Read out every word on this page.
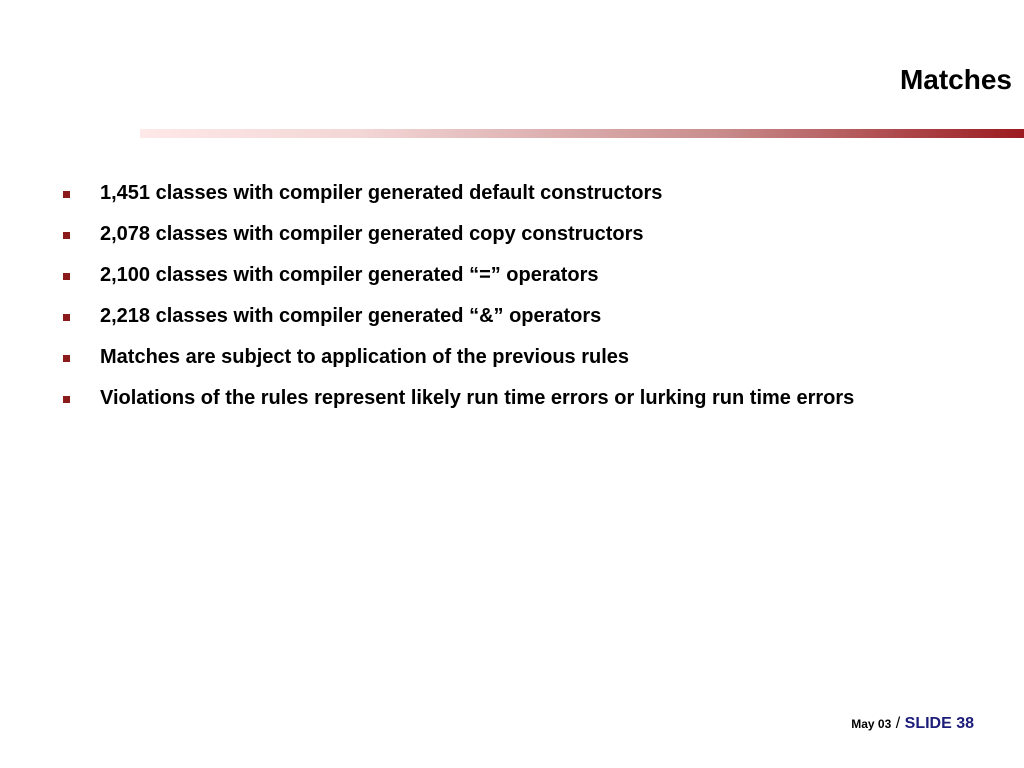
Matches
1,451 classes with compiler generated default constructors
2,078 classes with compiler generated copy constructors
2,100 classes with compiler generated “=” operators
2,218 classes with compiler generated “&” operators
Matches are subject to application of the previous rules
Violations of the rules represent likely run time errors or lurking run time errors
May 03 / SLIDE 38
